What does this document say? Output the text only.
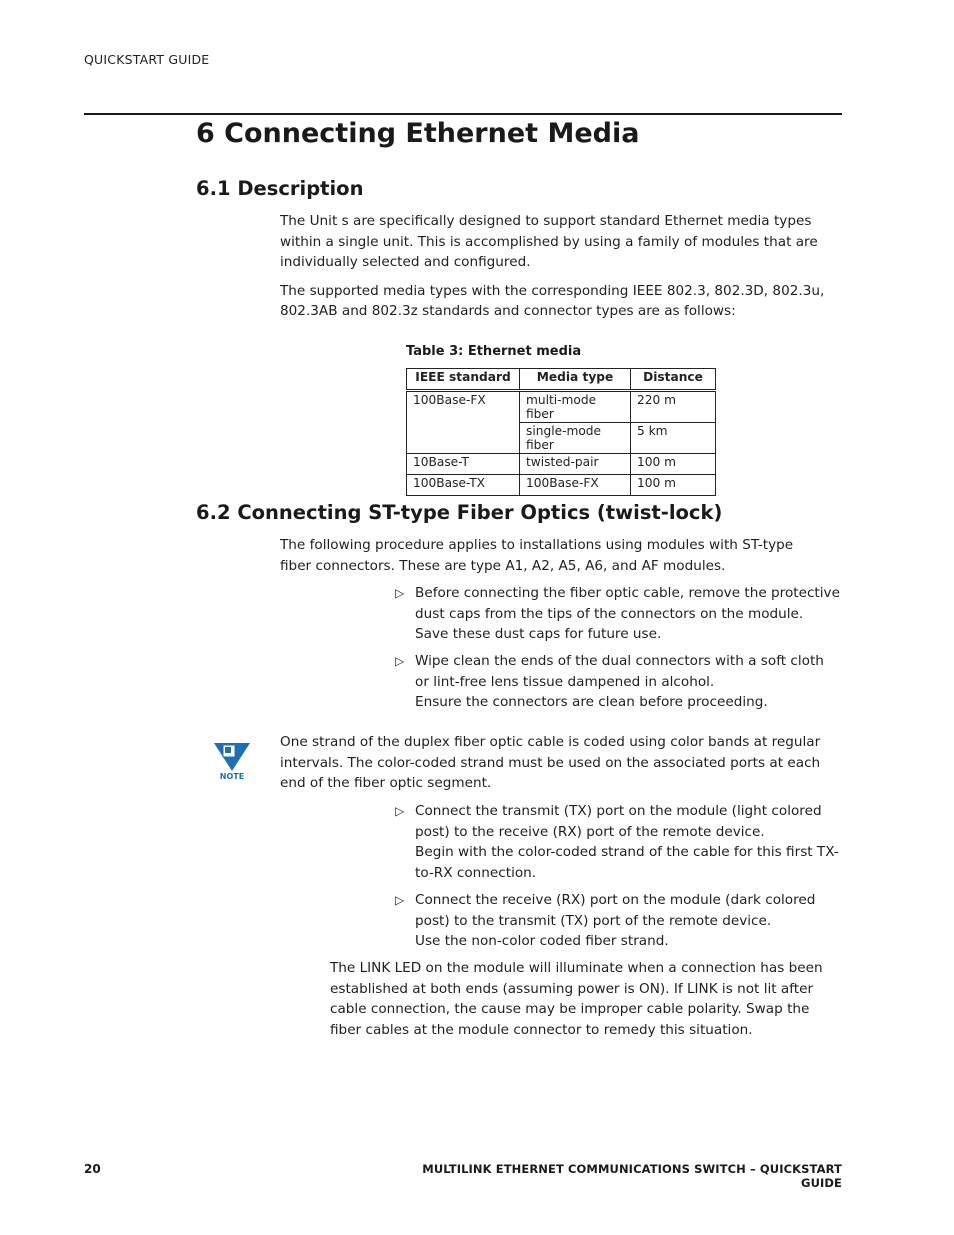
QUICKSTART GUIDE
6 Connecting Ethernet Media
6.1 Description

The Unit s are specifically designed to support standard Ethernet media types within a single unit. This is accomplished by using a family of modules that are individually selected and configured.

The supported media types with the corresponding IEEE 802.3, 802.3D, 802.3u, 802.3AB and 802.3z standards and connector types are as follows:

Table 3: Ethernet media
IEEE standard	Media type	Distance
100Base-FX	multi-mode fiber	220 m
	single-mode fiber	5 km
10Base-T	twisted-pair	100 m
100Base-TX	100Base-FX	100 m
6.2 Connecting ST-type Fiber Optics (twist-lock)
The following procedure applies to installations using modules with ST-type fiber connectors. These are type A1, A2, A5, A6, and AF modules.
▷ Before connecting the fiber optic cable, remove the protective dust caps from the tips of the connectors on the module.

Save these dust caps for future use.

▷ Wipe clean the ends of the dual connectors with a soft cloth or lint-free lens tissue dampened in alcohol.

Ensure the connectors are clean before proceeding.

NOTE
One strand of the duplex fiber optic cable is coded using color bands at regular intervals. The color-coded strand must be used on the associated ports at each end of the fiber optic segment.
▷ Connect the transmit (TX) port on the module (light colored post) to the receive (RX) port of the remote device.

Begin with the color-coded strand of the cable for this first TX-to-RX connection.

▷ Connect the receive (RX) port on the module (dark colored post) to the transmit (TX) port of the remote device.

Use the non-color coded fiber strand.

The LINK LED on the module will illuminate when a connection has been established at both ends (assuming power is ON). If LINK is not lit after cable connection, the cause may be improper cable polarity. Swap the fiber cables at the module connector to remedy this situation.
20	MULTILINK ETHERNET COMMUNICATIONS SWITCH – QUICKSTART GUIDE
